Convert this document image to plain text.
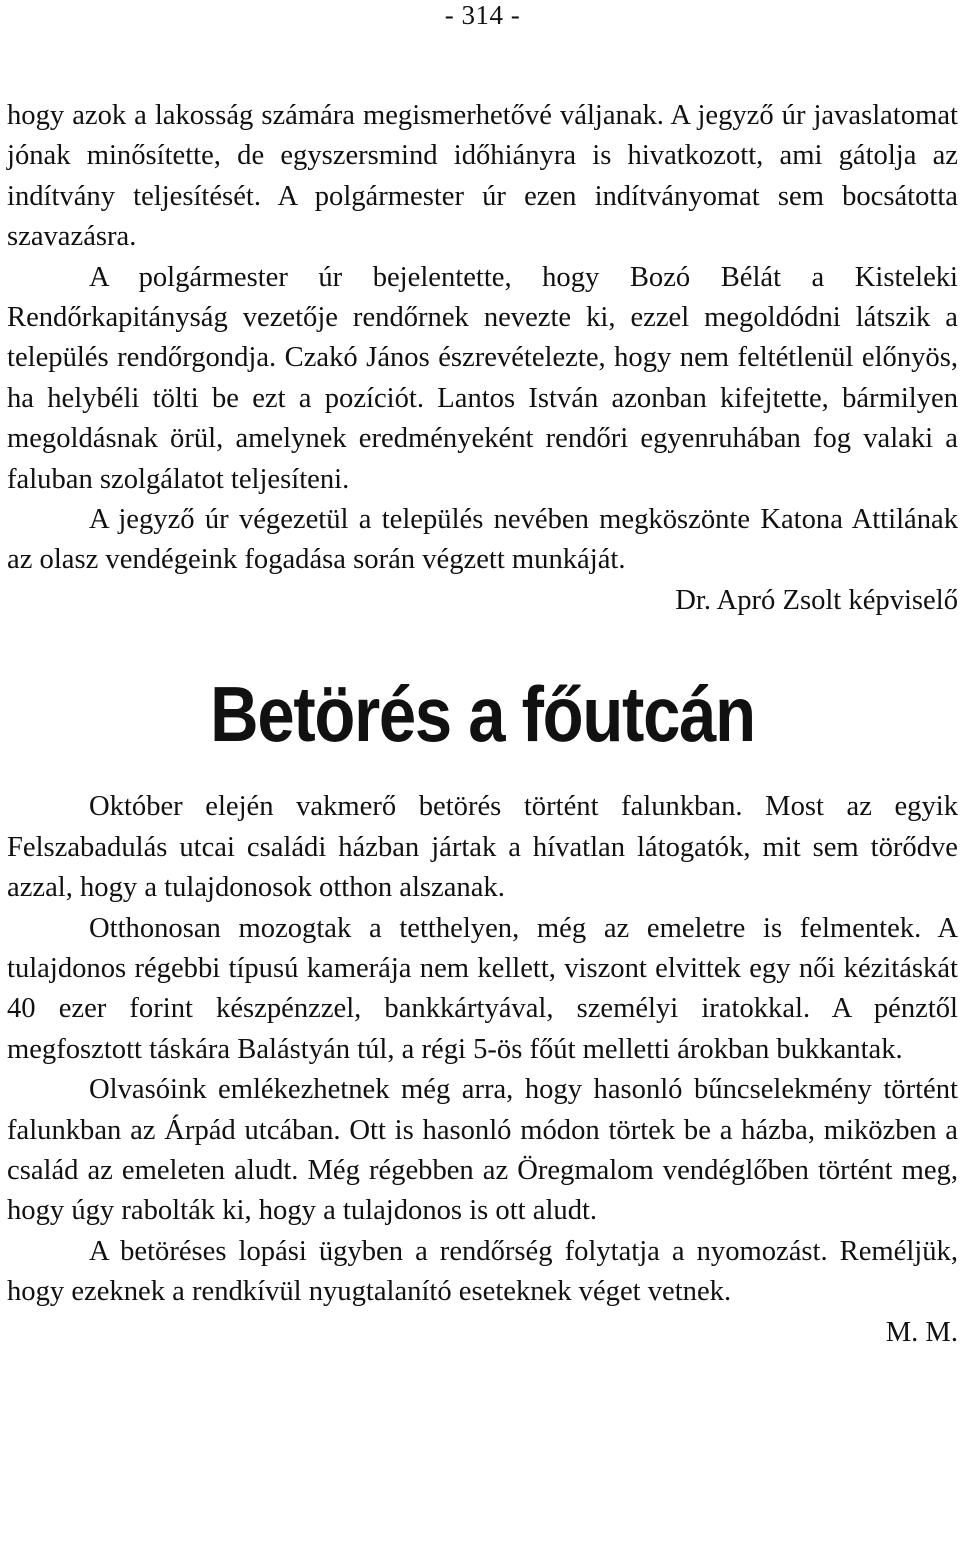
- 314 -

hogy azok a lakosság számára megismerhetővé váljanak. A jegyző úr javaslatomat jónak minősítette, de egyszersmind időhiányra is hivatkozott, ami gátolja az indítvány teljesítését. A polgármester úr ezen indítványomat sem bocsátotta szavazásra.

A polgármester úr bejelentette, hogy Bozó Bélát a Kisteleki Rendőrkapitányság vezetője rendőrnek nevezte ki, ezzel megoldódni látszik a település rendőrgondja. Czakó János észrevételezte, hogy nem feltétlenül előnyös, ha helybéli tölti be ezt a pozíciót. Lantos István azonban kifejtette, bármilyen megoldásnak örül, amelynek eredményeként rendőri egyenruhában fog valaki a faluban szolgálatot teljesíteni.

A jegyző úr végezetül a település nevében megköszönte Katona Attilának az olasz vendégeink fogadása során végzett munkáját.

Dr. Apró Zsolt képviselő

Betörés a főutcán

Október elején vakmerő betörés történt falunkban. Most az egyik Felszabadulás utcai családi házban jártak a hívatlan látogatók, mit sem törődve azzal, hogy a tulajdonosok otthon alszanak.

Otthonosan mozogtak a tetthelyen, még az emeletre is felmentek. A tulajdonos régebbi típusú kamerája nem kellett, viszont elvittek egy női kézitáskát 40 ezer forint készpénzzel, bankkártyával, személyi iratokkal. A pénztől megfosztott táskára Balástyán túl, a régi 5-ös főút melletti árokban bukkantak.

Olvasóink emlékezhetnek még arra, hogy hasonló bűncselekmény történt falunkban az Árpád utcában. Ott is hasonló módon törtek be a házba, miközben a család az emeleten aludt. Még régebben az Öregmalom vendéglőben történt meg, hogy úgy rabolták ki, hogy a tulajdonos is ott aludt.

A betöréses lopási ügyben a rendőrség folytatja a nyomozást. Reméljük, hogy ezeknek a rendkívül nyugtalanító eseteknek véget vetnek.

M. M.
